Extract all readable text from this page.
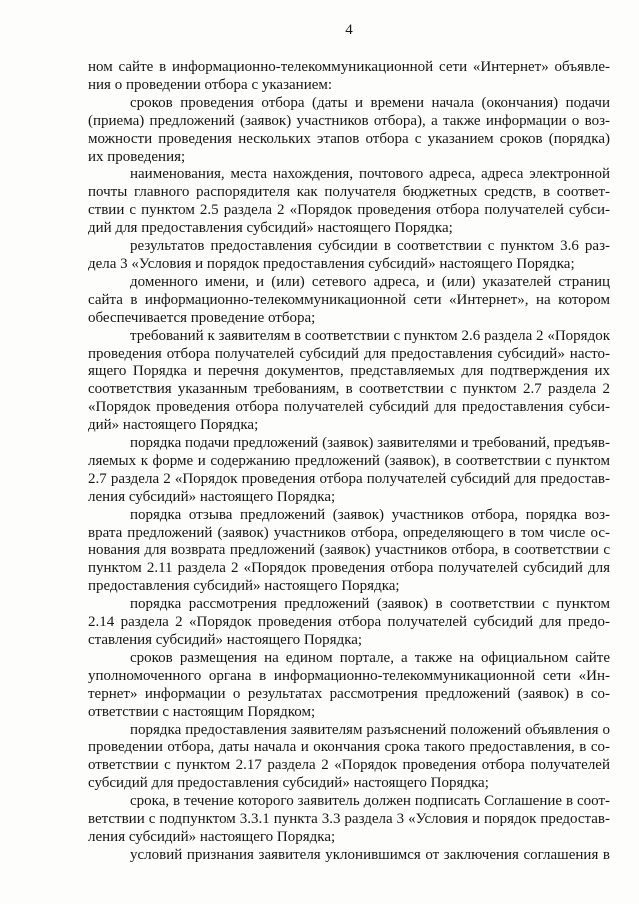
4
ном сайте в информационно-телекоммуникационной сети «Интернет» объявле-
ния о проведении отбора с указанием:
сроков проведения отбора (даты и времени начала (окончания) подачи
(приема) предложений (заявок) участников отбора), а также информации о воз-
можности проведения нескольких этапов отбора с указанием сроков (порядка)
их проведения;
наименования, места нахождения, почтового адреса, адреса электронной
почты главного распорядителя как получателя бюджетных средств, в соответ-
ствии с пунктом 2.5 раздела 2 «Порядок проведения отбора получателей субси-
дий для предоставления субсидий» настоящего Порядка;
результатов предоставления субсидии в соответствии с пунктом 3.6 раз-
дела 3 «Условия и порядок предоставления субсидий» настоящего Порядка;
доменного имени, и (или) сетевого адреса, и (или) указателей страниц
сайта в информационно-телекоммуникационной сети «Интернет», на котором
обеспечивается проведение отбора;
требований к заявителям в соответствии с пунктом 2.6 раздела 2 «Порядок
проведения отбора получателей субсидий для предоставления субсидий» насто-
ящего Порядка и перечня документов, представляемых для подтверждения их
соответствия указанным требованиям, в соответствии с пунктом 2.7 раздела 2
«Порядок проведения отбора получателей субсидий для предоставления субси-
дий» настоящего Порядка;
порядка подачи предложений (заявок) заявителями и требований, предъяв-
ляемых к форме и содержанию предложений (заявок), в соответствии с пунктом
2.7 раздела 2 «Порядок проведения отбора получателей субсидий для предостав-
ления субсидий» настоящего Порядка;
порядка отзыва предложений (заявок) участников отбора, порядка воз-
врата предложений (заявок) участников отбора, определяющего в том числе ос-
нования для возврата предложений (заявок) участников отбора, в соответствии с
пунктом 2.11 раздела 2 «Порядок проведения отбора получателей субсидий для
предоставления субсидий» настоящего Порядка;
порядка рассмотрения предложений (заявок) в соответствии с пунктом
2.14 раздела 2 «Порядок проведения отбора получателей субсидий для предо-
ставления субсидий» настоящего Порядка;
сроков размещения на едином портале, а также на официальном сайте
уполномоченного органа в информационно-телекоммуникационной сети «Ин-
тернет» информации о результатах рассмотрения предложений (заявок) в со-
ответствии с настоящим Порядком;
порядка предоставления заявителям разъяснений положений объявления о
проведении отбора, даты начала и окончания срока такого предоставления, в со-
ответствии с пунктом 2.17 раздела 2 «Порядок проведения отбора получателей
субсидий для предоставления субсидий» настоящего Порядка;
срока, в течение которого заявитель должен подписать Соглашение в соот-
ветствии с подпунктом 3.3.1 пункта 3.3 раздела 3 «Условия и порядок предостав-
ления субсидий» настоящего Порядка;
условий признания заявителя уклонившимся от заключения соглашения в
